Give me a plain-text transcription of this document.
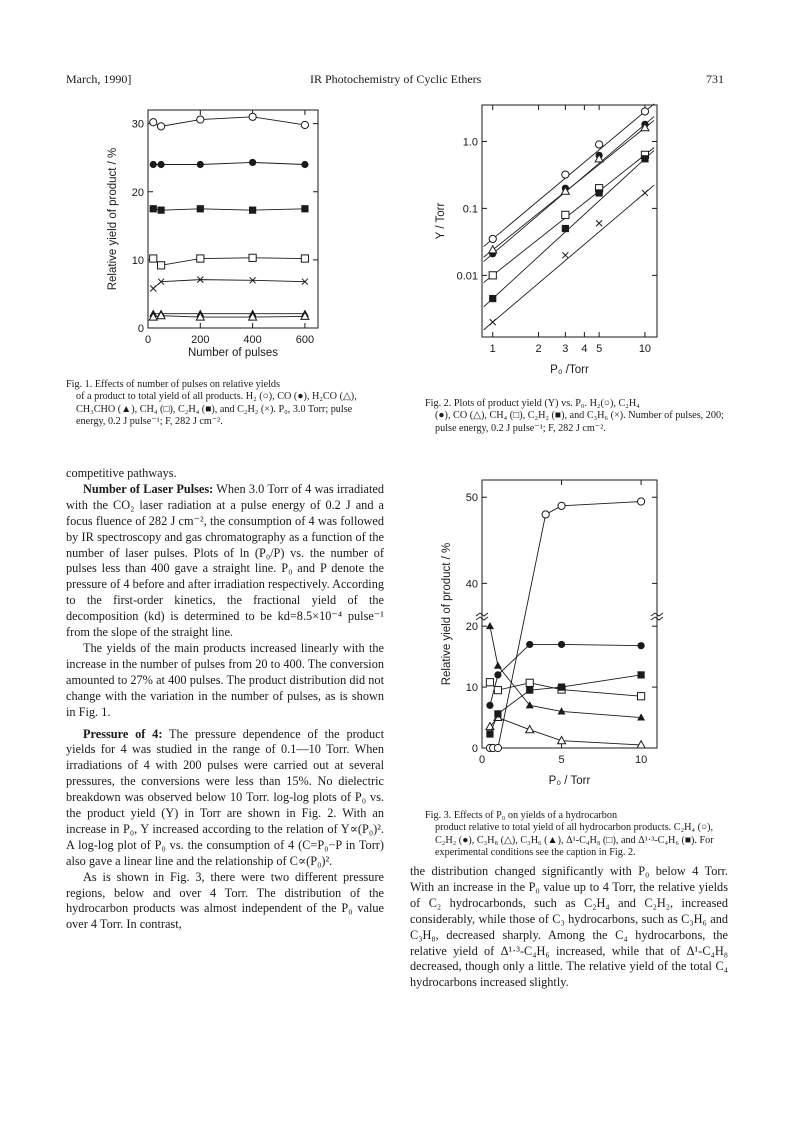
March, 1990]	IR Photochemistry of Cyclic Ethers	731
0	200	400	600
0
10
20
30
Number of pulses
Relative yield of product / %
Fig. 1. Effects of number of pulses on relative yields
of a product to total yield of all products. H₂ (○), CO (●), H₂CO (△), CH₃CHO (▲), CH₄ (□), C₂H₄ (■), and C₂H₂ (×). P₀, 3.0 Torr; pulse energy, 0.2 J pulse⁻¹; F, 282 J cm⁻².
1	2 3 4 5	10
0.01
0.1
1.0
P₀ /Torr
Y / Torr
Fig. 2. Plots of product yield (Y) vs. P₀. H₂(○), C₂H₄
(●), CO (△), CH₄ (□), C₂H₂ (■), and C₃H₆ (×). Number of pulses, 200; pulse energy, 0.2 J pulse⁻¹; F, 282 J cm⁻².
0	5	10
0
10
20
40
50
P₀ / Torr
Relative yield of product / %
Fig. 3. Effects of P₀ on yields of a hydrocarbon
product relative to total yield of all hydrocarbon products. C₂H₄ (○), C₂H₂ (●), C₃H₈ (△), C₃H₆ (▲), Δ¹-C₄H₈ (□), and Δ¹·³-C₄H₆ (■). For experimental conditions see the caption in Fig. 2.

competitive pathways.

Number of Laser Pulses: When 3.0 Torr of 4 was irradiated with the CO₂ laser radiation at a pulse energy of 0.2 J and a focus fluence of 282 J cm⁻², the consumption of 4 was followed by IR spectroscopy and gas chromatography as a function of the number of laser pulses. Plots of ln (P₀/P) vs. the number of pulses less than 400 gave a straight line. P₀ and P denote the pressure of 4 before and after irradiation respectively. According to the first-order kinetics, the fractional yield of the decomposition (kd) is determined to be kd=8.5×10⁻⁴ pulse⁻¹ from the slope of the straight line.

The yields of the main products increased linearly with the increase in the number of pulses from 20 to 400. The conversion amounted to 27% at 400 pulses. The product distribution did not change with the variation in the number of pulses, as is shown in Fig. 1.

Pressure of 4: The pressure dependence of the product yields for 4 was studied in the range of 0.1—10 Torr. When irradiations of 4 with 200 pulses were carried out at several pressures, the conversions were less than 15%. No dielectric breakdown was observed below 10 Torr. log-log plots of P₀ vs. the product yield (Y) in Torr are shown in Fig. 2. With an increase in P₀, Y increased according to the relation of Y∝(P₀)². A log-log plot of P₀ vs. the consumption of 4 (C=P₀−P in Torr) also gave a linear line and the relationship of C∝(P₀)².

As is shown in Fig. 3, there were two different pressure regions, below and over 4 Torr. The distribution of the hydrocarbon products was almost independent of the P₀ value over 4 Torr. In contrast,

the distribution changed significantly with P₀ below 4 Torr. With an increase in the P₀ value up to 4 Torr, the relative yields of C₂ hydrocarbonds, such as C₂H₄ and C₂H₂, increased considerably, while those of C₃ hydrocarbons, such as C₃H₆ and C₃H₈, decreased sharply. Among the C₄ hydrocarbons, the relative yield of Δ¹·³-C₄H₆ increased, while that of Δ¹-C₄H₈ decreased, though only a little. The relative yield of the total C₄ hydrocarbons increased slightly.
